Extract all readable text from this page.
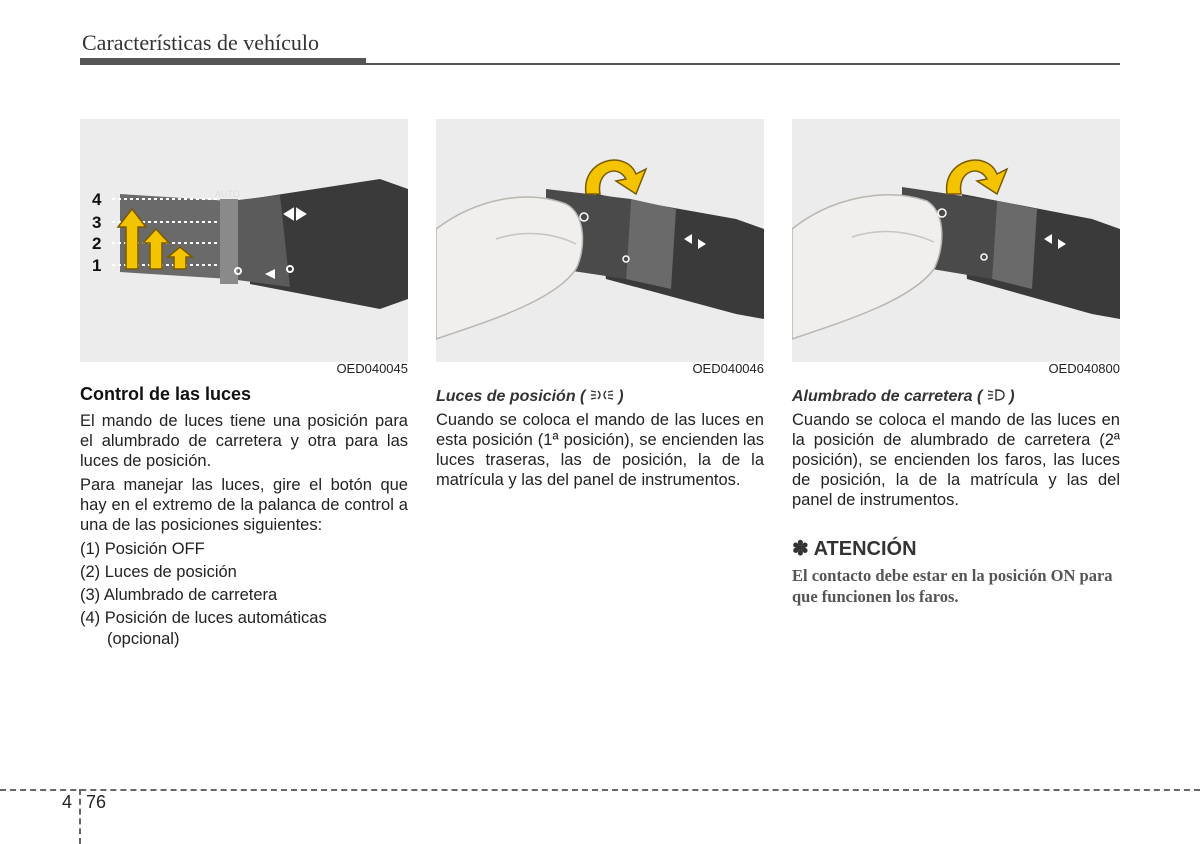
Características de vehículo
4
3
2
1
AUTO
OED040045	OED040046	OED040800
Control de las luces

El mando de luces tiene una posición para el alumbrado de carretera y otra para las luces de posición.

Para manejar las luces, gire el botón que hay en el extremo de la palanca de control a una de las posiciones siguientes:

(1) Posición OFF
(2) Luces de posición
(3) Alumbrado de carretera
(4) Posición de luces automáticas
(opcional)
Luces de posición ( )

Cuando se coloca el mando de las luces en esta posición (1ª posición), se encienden las luces traseras, las de posición, la de la matrícula y las del panel de instrumentos.

Alumbrado de carretera ( )

Cuando se coloca el mando de las luces en la posición de alumbrado de carretera (2ª posición), se encienden los faros, las luces de posición, la de la matrícula y las del panel de instrumentos.

✽ ATENCIÓN

El contacto debe estar en la posición ON para que funcionen los faros.

4 76
